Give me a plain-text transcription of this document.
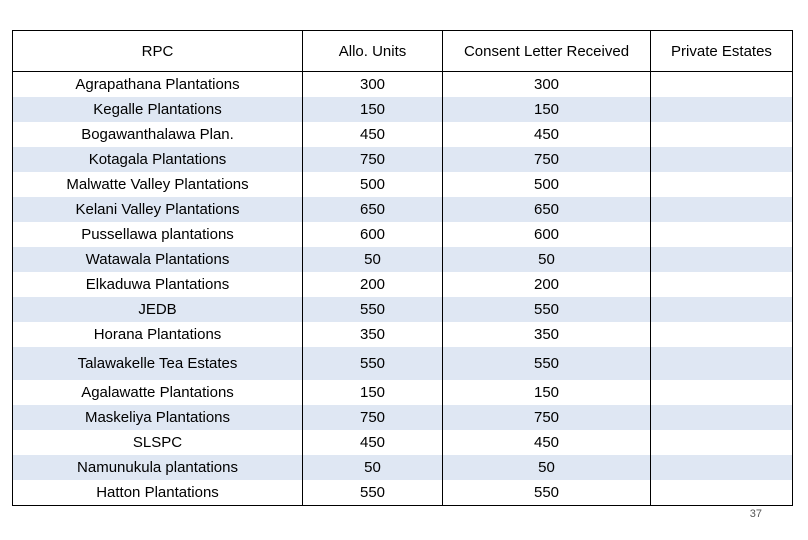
RPC	Allo. Units	Consent Letter Received	Private Estates
Agrapathana Plantations	300	300	
Kegalle Plantations	150	150	
Bogawanthalawa Plan.	450	450	
Kotagala Plantations	750	750	
Malwatte Valley Plantations	500	500	
Kelani Valley Plantations	650	650	
Pussellawa plantations	600	600	
Watawala Plantations	50	50	
Elkaduwa Plantations	200	200	
JEDB	550	550	
Horana Plantations	350	350	
Talawakelle Tea Estates	550	550	
Agalawatte Plantations	150	150	
Maskeliya Plantations	750	750	
SLSPC	450	450	
Namunukula plantations	50	50	
Hatton Plantations	550	550	
37
